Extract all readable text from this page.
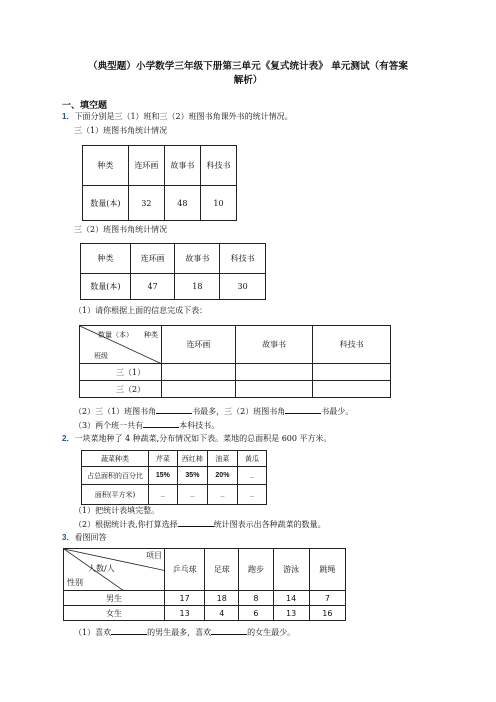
（典型题）小学数学三年级下册第三单元《复式统计表》 单元测试（有答案
解析）
一、填空题
1．下面分别是三（1）班和三（2）班图书角课外书的统计情况。
三（1）班图书角统计情况
种类	连环画	故事书	科技书
数量(本)	32	48	10
三（2）班图书角统计情况
种类	连环画	故事书	科技书
数量(本)	47	18	30
（1）请你根据上面的信息完成下表：
数量（本） 种类
班级	连环画	故事书	科技书
三（1）			
三（2）			
（2）三（1）班图书角	书最多，三（2）班图书角	书最少。
（3）两个班一共有	本科技书。
2．一块菜地种了 4 种蔬菜,分布情况如下表。菜地的总面积是 600 平方米。
蔬菜种类	芹菜	西红柿	油菜	黄瓜
占总面积的百分比	15%	35%	20%	_
面积(平方米)	_	_	_	_
（1）把统计表填完整。
（2）根据统计表,你打算选择	统计图表示出各种蔬菜的数量。
3．看图回答
项目
人数/人
性别	乒乓球	足球	跑步	游泳	跳绳
男生	17	18	8	14	7
女生	13	4	6	13	16
（1）喜欢	的男生最多，喜欢	的女生最少。
